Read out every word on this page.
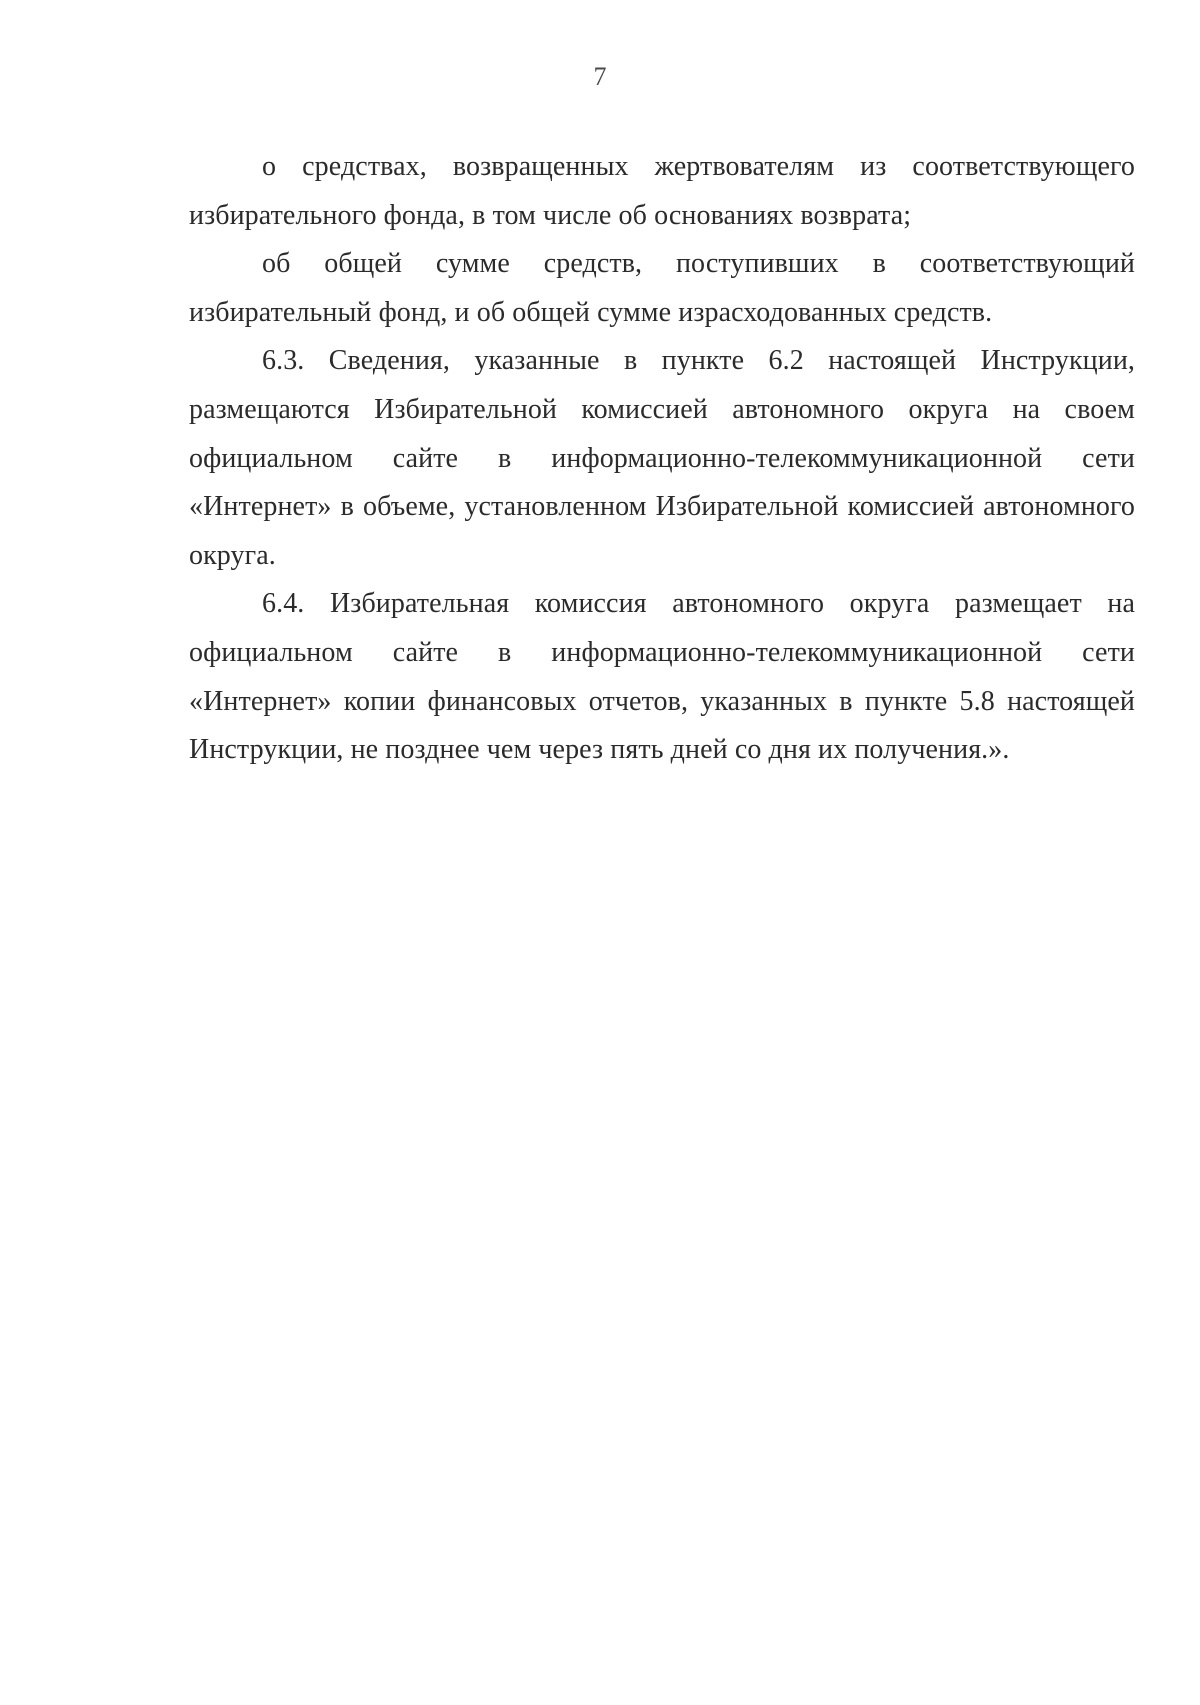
7

о средствах, возвращенных жертвователям из соответствующего избирательного фонда, в том числе об основаниях возврата;

об общей сумме средств, поступивших в соответствующий избирательный фонд, и об общей сумме израсходованных средств.

6.3. Сведения, указанные в пункте 6.2 настоящей Инструкции, размещаются Избирательной комиссией автономного округа на своем официальном сайте в информационно-телекоммуникационной сети «Интернет» в объеме, установленном Избирательной комиссией автономного округа.

6.4. Избирательная комиссия автономного округа размещает на официальном сайте в информационно-телекоммуникационной сети «Интернет» копии финансовых отчетов, указанных в пункте 5.8 настоящей Инструкции, не позднее чем через пять дней со дня их получения.».
